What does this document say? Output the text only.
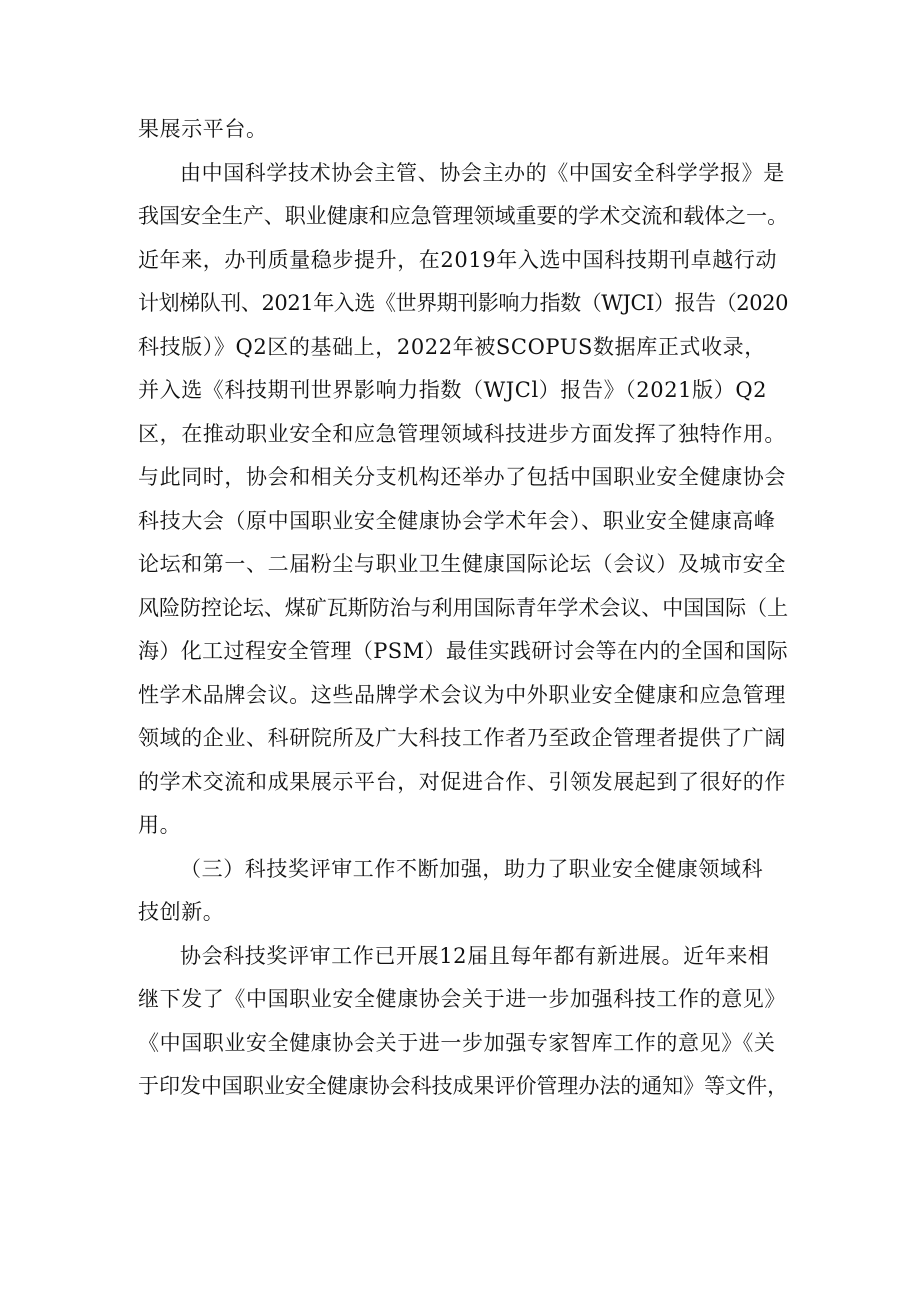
果展示平台。
由中国科学技术协会主管、协会主办的《中国安全科学学报》是
我国安全生产、职业健康和应急管理领域重要的学术交流和载体之一。
近年来，办刊质量稳步提升，在2019年入选中国科技期刊卓越行动
计划梯队刊、2021年入选《世界期刊影响力指数（WJCI）报告（2020
科技版）》Q2区的基础上，2022年被SCOPUS数据库正式收录，
并入选《科技期刊世界影响力指数（WJCl）报告》（2021版）Q2
区，在推动职业安全和应急管理领域科技进步方面发挥了独特作用。
与此同时，协会和相关分支机构还举办了包括中国职业安全健康协会
科技大会（原中国职业安全健康协会学术年会）、职业安全健康高峰
论坛和第一、二届粉尘与职业卫生健康国际论坛（会议）及城市安全
风险防控论坛、煤矿瓦斯防治与利用国际青年学术会议、中国国际（上
海）化工过程安全管理（PSM）最佳实践研讨会等在内的全国和国际
性学术品牌会议。这些品牌学术会议为中外职业安全健康和应急管理
领域的企业、科研院所及广大科技工作者乃至政企管理者提供了广阔
的学术交流和成果展示平台，对促进合作、引领发展起到了很好的作
用。
（三）科技奖评审工作不断加强，助力了职业安全健康领域科
技创新。
协会科技奖评审工作已开展12届且每年都有新进展。近年来相
继下发了《中国职业安全健康协会关于进一步加强科技工作的意见》
《中国职业安全健康协会关于进一步加强专家智库工作的意见》《关
于印发中国职业安全健康协会科技成果评价管理办法的通知》等文件，
